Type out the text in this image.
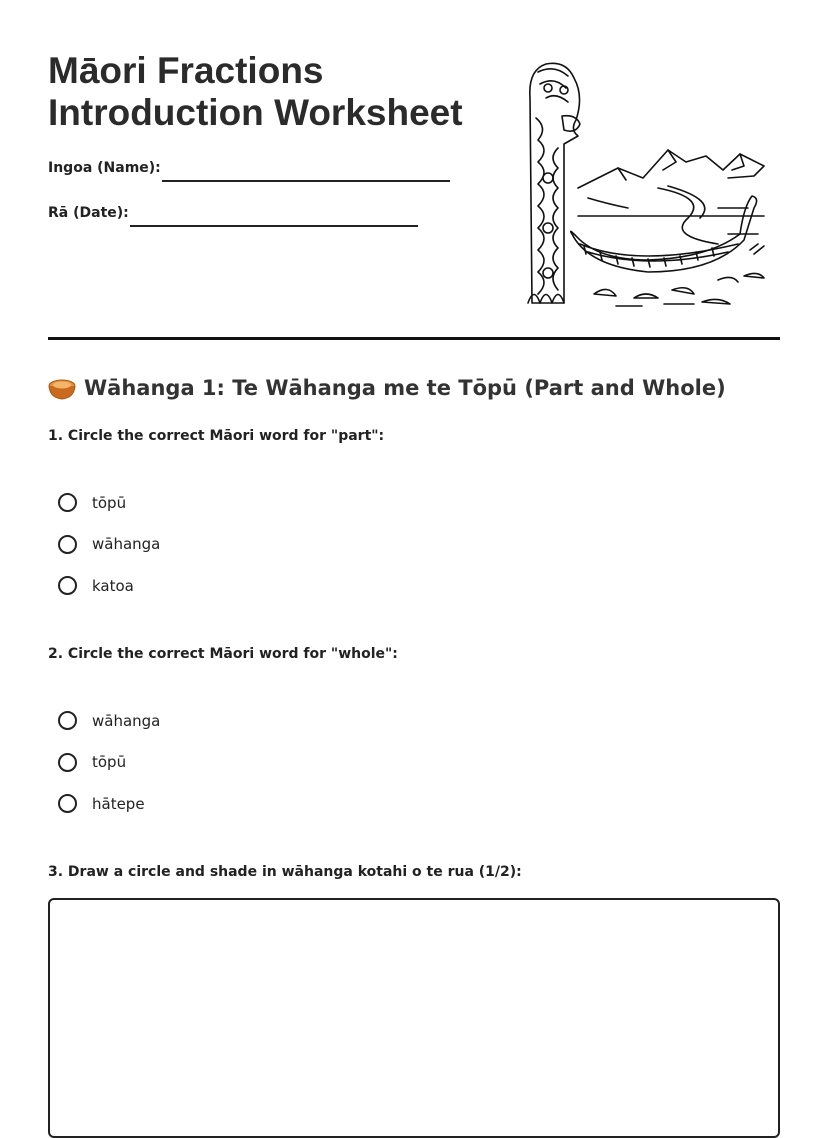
Māori Fractions
Introduction Worksheet
Ingoa (Name):
Rā (Date):
Wāhanga 1: Te Wāhanga me te Tōpū (Part and Whole)
1. Circle the correct Māori word for "part":
tōpū
wāhanga
katoa
2. Circle the correct Māori word for "whole":
wāhanga
tōpū
hātepe
3. Draw a circle and shade in wāhanga kotahi o te rua (1/2):
